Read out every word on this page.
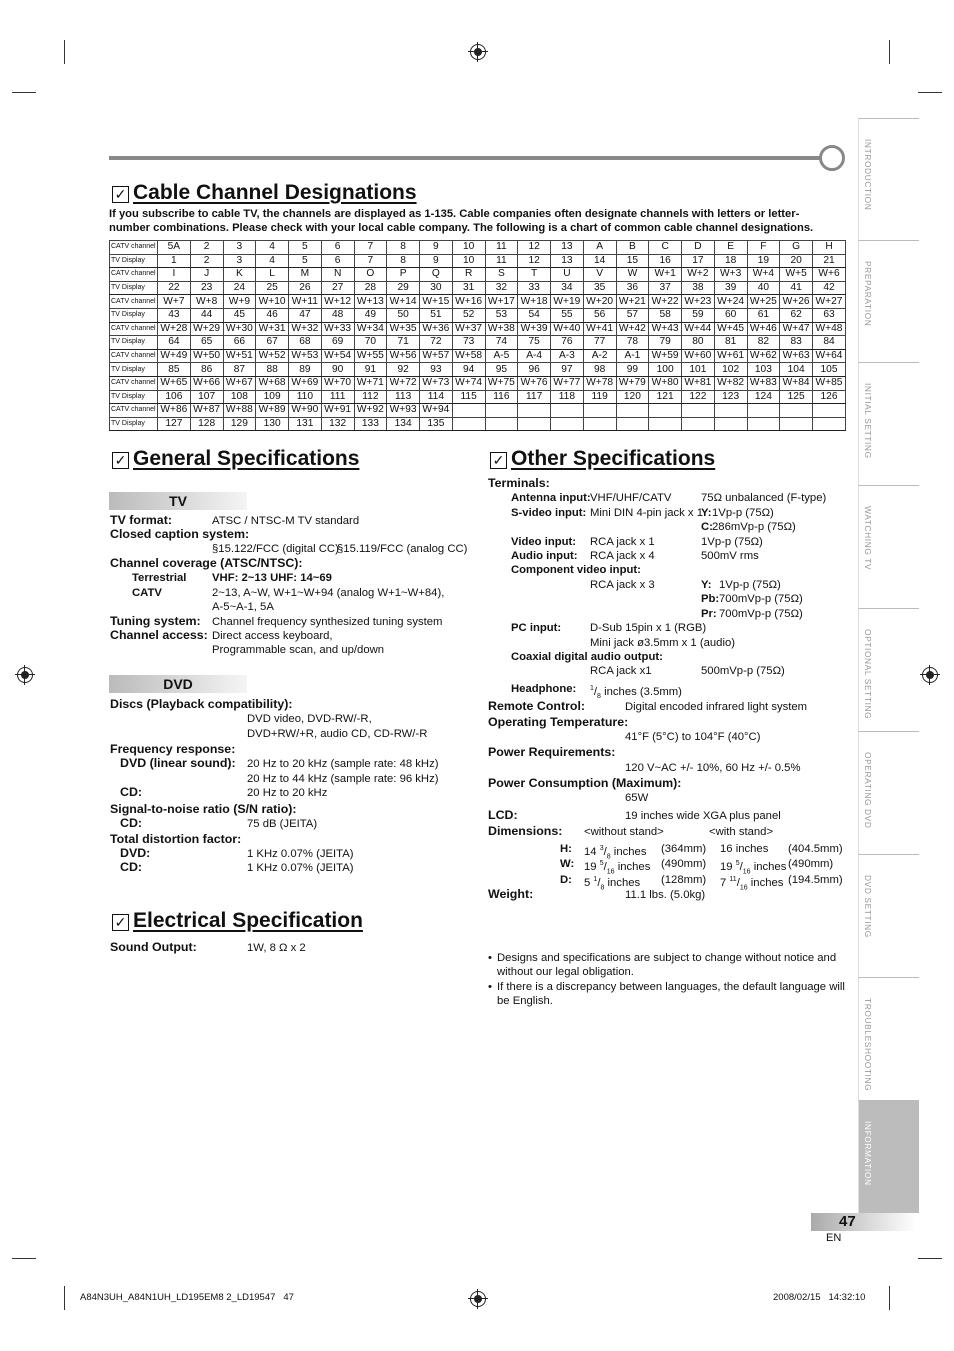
✓ Cable Channel Designations
If you subscribe to cable TV, the channels are displayed as 1-135. Cable companies often designate channels with letters or letter-number combinations. Please check with your local cable company. The following is a chart of common cable channel designations.
CATV channel	5A	2	3	4	5	6	7	8	9	10	11	12	13	A	B	C	D	E	F	G	H
TV Display	1	2	3	4	5	6	7	8	9	10	11	12	13	14	15	16	17	18	19	20	21
CATV channel	I	J	K	L	M	N	O	P	Q	R	S	T	U	V	W	W+1	W+2	W+3	W+4	W+5	W+6
TV Display	22	23	24	25	26	27	28	29	30	31	32	33	34	35	36	37	38	39	40	41	42
CATV channel	W+7	W+8	W+9	W+10	W+11	W+12	W+13	W+14	W+15	W+16	W+17	W+18	W+19	W+20	W+21	W+22	W+23	W+24	W+25	W+26	W+27
TV Display	43	44	45	46	47	48	49	50	51	52	53	54	55	56	57	58	59	60	61	62	63
CATV channel	W+28	W+29	W+30	W+31	W+32	W+33	W+34	W+35	W+36	W+37	W+38	W+39	W+40	W+41	W+42	W+43	W+44	W+45	W+46	W+47	W+48
TV Display	64	65	66	67	68	69	70	71	72	73	74	75	76	77	78	79	80	81	82	83	84
CATV channel	W+49	W+50	W+51	W+52	W+53	W+54	W+55	W+56	W+57	W+58	A-5	A-4	A-3	A-2	A-1	W+59	W+60	W+61	W+62	W+63	W+64
TV Display	85	86	87	88	89	90	91	92	93	94	95	96	97	98	99	100	101	102	103	104	105
CATV channel	W+65	W+66	W+67	W+68	W+69	W+70	W+71	W+72	W+73	W+74	W+75	W+76	W+77	W+78	W+79	W+80	W+81	W+82	W+83	W+84	W+85
TV Display	106	107	108	109	110	111	112	113	114	115	116	117	118	119	120	121	122	123	124	125	126
CATV channel	W+86	W+87	W+88	W+89	W+90	W+91	W+92	W+93	W+94												
TV Display	127	128	129	130	131	132	133	134	135												
✓ General Specifications
TV
TV format:	ATSC / NTSC-M TV standard
Closed caption system:
§15.122/FCC (digital CC)
§15.119/FCC (analog CC)
Channel coverage (ATSC/NTSC):
Terrestrial VHF: 2~13 UHF: 14~69
CATV	2~13, A~W, W+1~W+94 (analog W+1~W+84),
A-5~A-1, 5A
Tuning system: Channel frequency synthesized tuning system
Channel access: Direct access keyboard,
Programmable scan, and up/down
DVD
Discs (Playback compatibility):
DVD video, DVD-RW/-R,
DVD+RW/+R, audio CD, CD-RW/-R
Frequency response:
DVD (linear sound): 20 Hz to 20 kHz (sample rate: 48 kHz)
20 Hz to 44 kHz (sample rate: 96 kHz)
CD:	20 Hz to 20 kHz
Signal-to-noise ratio (S/N ratio):
CD:	75 dB (JEITA)
Total distortion factor:
DVD:	1 KHz 0.07% (JEITA)
CD:	1 KHz 0.07% (JEITA)
✓ Electrical Specification
Sound Output:	1W, 8 Ω x 2
✓ Other Specifications
Terminals:
Antenna input: VHF/UHF/CATV	75Ω unbalanced (F-type)
S-video input: Mini DIN 4-pin jack x 1
Y: 1Vp-p (75Ω)
C: 286mVp-p (75Ω)
Video input: RCA jack x 1	1Vp-p (75Ω)
Audio input: RCA jack x 4	500mV rms
Component video input:
RCA jack x 3	Y: 1Vp-p (75Ω)
Pb: 700mVp-p (75Ω)
Pr: 700mVp-p (75Ω)
PC input:	D-Sub 15pin x 1 (RGB)
Mini jack ø3.5mm x 1 (audio)
Coaxial digital audio output:
RCA jack x1	500mVp-p (75Ω)
Headphone: $^1/_8$ inches (3.5mm)
Remote Control:	Digital encoded infrared light system
Operating Temperature:
41°F (5°C) to 104°F (40°C)
Power Requirements:
120 V~AC +/- 10%, 60 Hz +/- 0.5%
Power Consumption (Maximum):
65W
LCD:	19 inches wide XGA plus panel
Dimensions: <without stand>	<with stand>
H: 14 $^3/_8$ inches (364mm) 16 inches (404.5mm)
W: 19 $^5/_{16}$ inches (490mm) 19 $^5/_{16}$ inches (490mm)
D: 5 $^1/_8$ inches (128mm) 7 $^{11}/_{16}$ inches (194.5mm)
Weight:	11.1 lbs. (5.0kg)
• Designs and specifications are subject to change without notice and
without our legal obligation.
• If there is a discrepancy between languages, the default language will
be English.
INTRODUCTION
PREPARATION
INITIAL SETTING
WATCHING TV
OPTIONAL SETTING
OPERATING DVD
DVD SETTING
TROUBLESHOOTING
INFORMATION
47
EN
A84N3UH_A84N1UH_LD195EM8 2_LD19547   47	2008/02/15   14:32:10
